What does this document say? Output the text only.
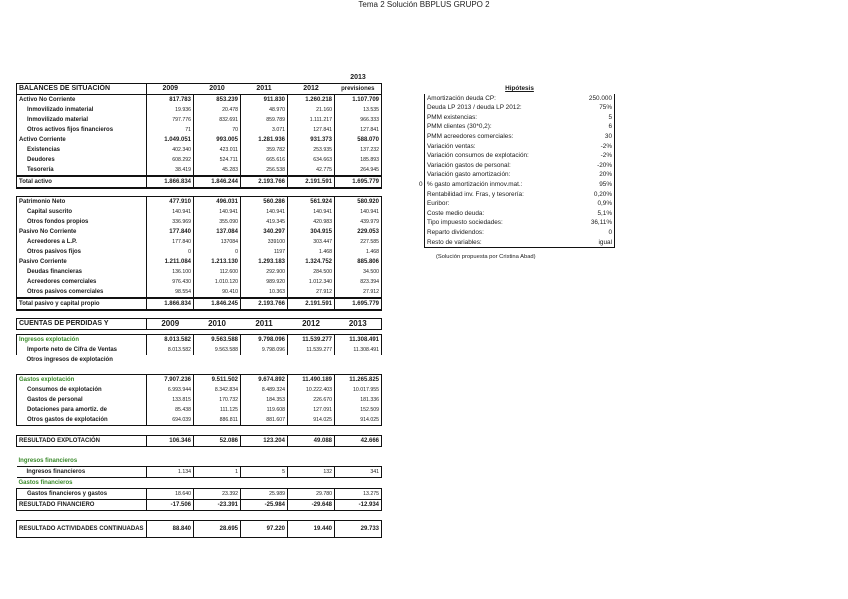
Tema 2 Solución BBPLUS GRUPO 2
					2013
BALANCES DE SITUACIÓN	2009	2010	2011	2012	previsiones
Activo No Corriente	817.783	853.239	911.830	1.260.218	1.107.709
Inmovilizado inmaterial	19.936	20.478	48.970	21.160	13.535
Inmovilizado material	797.776	832.691	859.789	1.111.217	966.333
Otros activos fijos financieros	71	70	3.071	127.841	127.841
Activo Corriente	1.049.051	993.005	1.281.936	931.373	588.070
Existencias	402.340	423.011	359.782	253.935	137.232
Deudores	608.292	524.711	665.616	634.663	185.893
Tesorería	38.419	45.283	256.538	42.775	264.945
Total activo	1.866.834	1.846.244	2.193.766	2.191.591	1.695.779

Patrimonio Neto	477.910	496.031	560.286	561.924	580.920
Capital suscrito	140.941	140.941	140.941	140.941	140.941
Otros fondos propios	336.969	355.090	419.345	420.983	439.979
Pasivo No Corriente	177.840	137.084	340.297	304.915	229.053
Acreedores a L.P.	177.840	137084	339100	303.447	227.585
Otros pasivos fijos	0	0	1197	1.468	1.468
Pasivo Corriente	1.211.084	1.213.130	1.293.183	1.324.752	885.806
Deudas financieras	136.100	112.600	292.900	284.500	34.500
Acreedores comerciales	976.430	1.010.120	989.920	1.012.340	823.394
Otros pasivos comerciales	98.554	90.410	10.363	27.912	27.912
Total pasivo y capital propio	1.866.834	1.846.245	2.193.766	2.191.591	1.695.779
Hipótesis	
Amortización deuda CP:	250.000
Deuda LP 2013 / deuda LP 2012:	75%
PMM existencias:	5
PMM clientes (30*0,2):	6
PMM acreedores comerciales:	30
Variación ventas:	-2%
Variación consumos de explotación:	-2%
Variación gastos de personal:	-20%
Variación gasto amortización:	20%

0 % gasto amortización inmov.mat.:	95%
Rentabilidad inv. Fras, y tesorería:	0,20%
Euribor:	0,9%
Coste medio deuda:	5,1%
Tipo impuesto sociedades:	36,11%
Reparto dividendos:	0
Resto de variables:	igual
(Solución propuesta por Cristina Abad)
CUENTAS DE PERDIDAS Y	2009	2010	2011	2012	2013

Ingresos explotación	8.013.582	9.563.588	9.798.096	11.539.277	11.308.491
Importe neto de Cifra de Ventas	8.013.582	9.563.588	9.798.096	11.539.277	11.308.491
Otros ingresos de explotación					

Gastos explotación	7.907.236	9.511.502	9.674.892	11.490.189	11.265.825
Consumos de explotación	6.993.944	8.342.834	8.489.324	10.222.403	10.017.955
Gastos de personal	133.815	170.732	184.353	226.670	181.336
Dotaciones para amortiz. de	85.438	111.125	119.608	127.091	152.509
Otros gastos de explotación	694.039	886.811	881.607	914.025	914.025

RESULTADO EXPLOTACIÓN	106.346	52.086	123.204	49.088	42.666

Ingresos financieros					
Ingresos financieros	1.134	1	5	132	341
Gastos financieros					
Gastos financieros y gastos	18.640	23.392	25.989	29.780	13.275
RESULTADO FINANCIERO	-17.506	-23.391	-25.984	-29.648	-12.934

RESULTADO ACTIVIDADES CONTINUADAS	88.840	28.695	97.220	19.440	29.733
